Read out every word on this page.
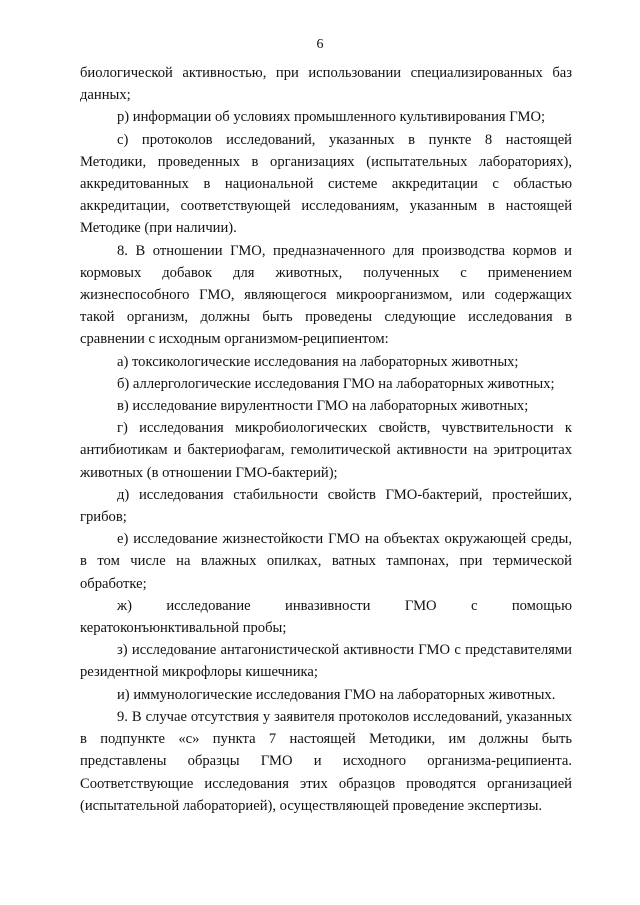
6

биологической активностью, при использовании специализированных баз данных;

р) информации об условиях промышленного культивирования ГМО;

с) протоколов исследований, указанных в пункте 8 настоящей Методики, проведенных в организациях (испытательных лабораториях), аккредитованных в национальной системе аккредитации с областью аккредитации, соответствующей исследованиям, указанным в настоящей Методике (при наличии).

8. В отношении ГМО, предназначенного для производства кормов и кормовых добавок для животных, полученных с применением жизнеспособного ГМО, являющегося микроорганизмом, или содержащих такой организм, должны быть проведены следующие исследования в сравнении с исходным организмом-реципиентом:

а) токсикологические исследования на лабораторных животных;

б) аллергологические исследования ГМО на лабораторных животных;

в) исследование вирулентности ГМО на лабораторных животных;

г) исследования микробиологических свойств, чувствительности к антибиотикам и бактериофагам, гемолитической активности на эритроцитах животных (в отношении ГМО-бактерий);

д) исследования стабильности свойств ГМО-бактерий, простейших, грибов;

е) исследование жизнестойкости ГМО на объектах окружающей среды, в том числе на влажных опилках, ватных тампонах, при термической обработке;

ж) исследование инвазивности ГМО с помощью кератоконъюнктивальной пробы;

з) исследование антагонистической активности ГМО с представителями резидентной микрофлоры кишечника;

и) иммунологические исследования ГМО на лабораторных животных.

9. В случае отсутствия у заявителя протоколов исследований, указанных в подпункте «с» пункта 7 настоящей Методики, им должны быть представлены образцы ГМО и исходного организма-реципиента. Соответствующие исследования этих образцов проводятся организацией (испытательной лабораторией), осуществляющей проведение экспертизы.
